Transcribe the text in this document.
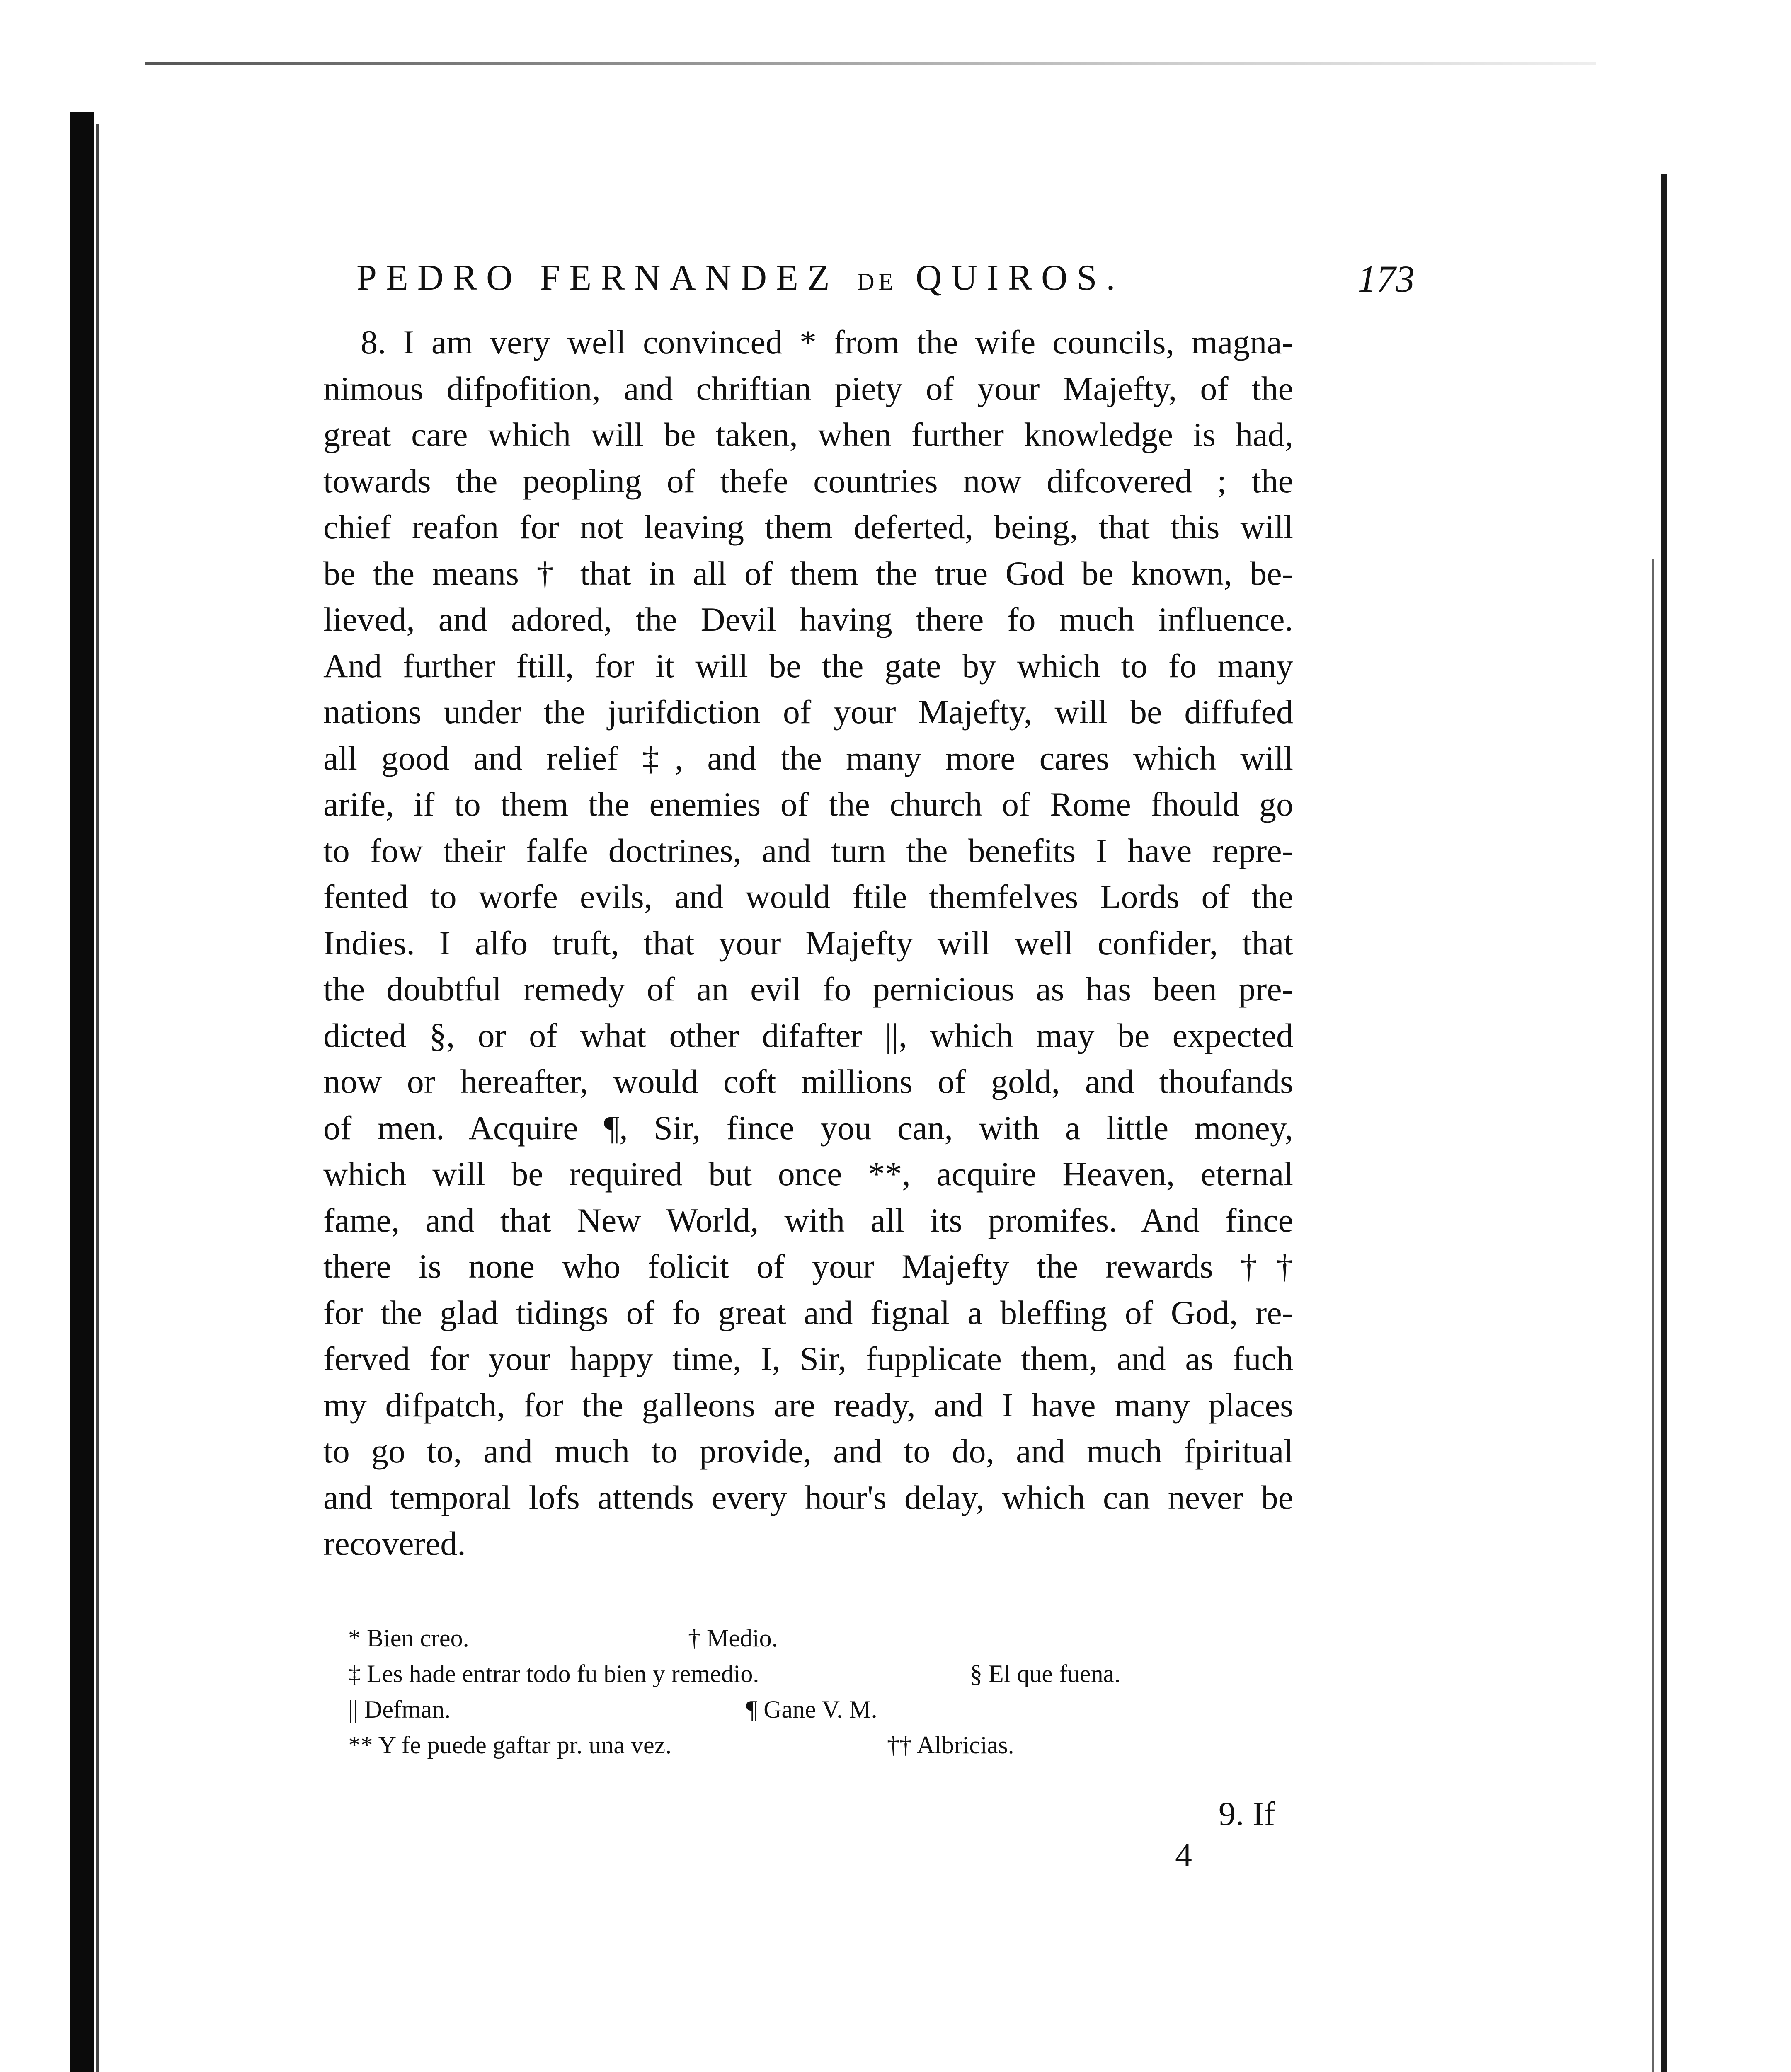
PEDRO FERNANDEZ DE QUIROS.	173
8. I am very well convinced * from the wife councils, magna-
nimous difpofition, and chriftian piety of your Majefty, of the
great care which will be taken, when further knowledge is had,
towards the peopling of thefe countries now difcovered ; the
chief reafon for not leaving them deferted, being, that this will
be the means † that in all of them the true God be known, be-
lieved, and adored, the Devil having there fo much influence.
And further ftill, for it will be the gate by which to fo many
nations under the jurifdiction of your Majefty, will be diffufed
all good and relief ‡, and the many more cares which will
arife, if to them the enemies of the church of Rome fhould go
to fow their falfe doctrines, and turn the benefits I have repre-
fented to worfe evils, and would ftile themfelves Lords of the
Indies. I alfo truft, that your Majefty will well confider, that
the doubtful remedy of an evil fo pernicious as has been pre-
dicted §, or of what other difafter ||, which may be expected
now or hereafter, would coft millions of gold, and thoufands
of men. Acquire ¶, Sir, fince you can, with a little money,
which will be required but once **, acquire Heaven, eternal
fame, and that New World, with all its promifes. And fince
there is none who folicit of your Majefty the rewards ††
for the glad tidings of fo great and fignal a bleffing of God, re-
ferved for your happy time, I, Sir, fupplicate them, and as fuch
my difpatch, for the galleons are ready, and I have many places
to go to, and much to provide, and to do, and much fpiritual
and temporal lofs attends every hour's delay, which can never be
recovered.
* Bien creo.	† Medio.
‡ Les hade entrar todo fu bien y remedio.	§ El que fuena.
|| Defman.	¶ Gane V. M.
** Y fe puede gaftar pr. una vez.	†† Albricias.
9. If
4
